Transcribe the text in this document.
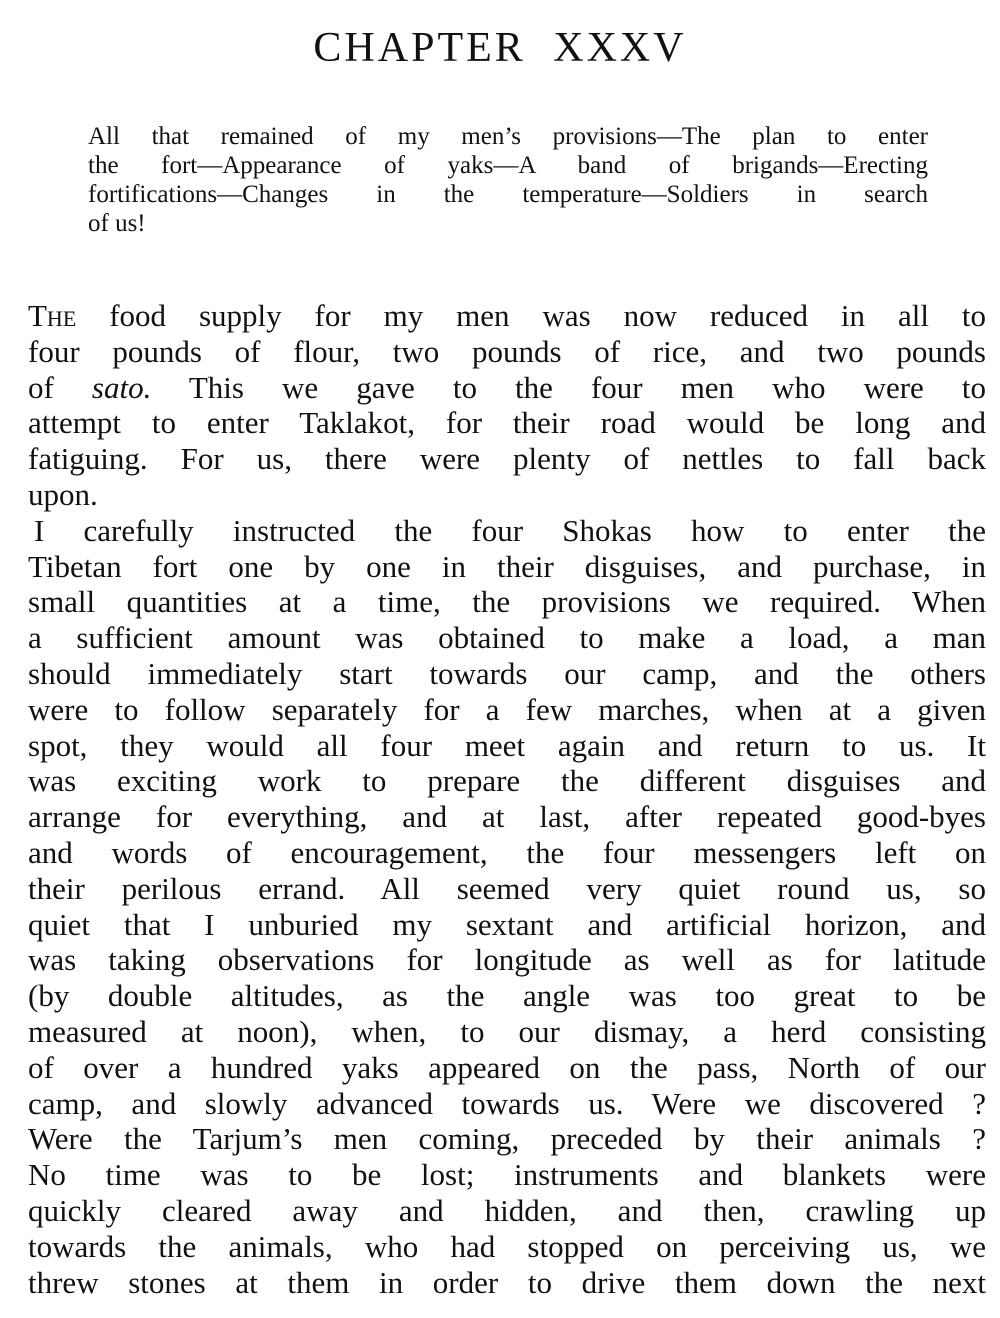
CHAPTER XXXV
All that remained of my men’s provisions—The plan to enter
the fort—Appearance of yaks—A band of brigands—Erecting
fortifications—Changes in the temperature—Soldiers in search
of us!
The food supply for my men was now reduced in all to
four pounds of flour, two pounds of rice, and two pounds
of sato. This we gave to the four men who were to
attempt to enter Taklakot, for their road would be long and
fatiguing. For us, there were plenty of nettles to fall back
upon.
I carefully instructed the four Shokas how to enter the
Tibetan fort one by one in their disguises, and purchase, in
small quantities at a time, the provisions we required. When
a sufficient amount was obtained to make a load, a man
should immediately start towards our camp, and the others
were to follow separately for a few marches, when at a given
spot, they would all four meet again and return to us. It
was exciting work to prepare the different disguises and
arrange for everything, and at last, after repeated good-byes
and words of encouragement, the four messengers left on
their perilous errand. All seemed very quiet round us, so
quiet that I unburied my sextant and artificial horizon, and
was taking observations for longitude as well as for latitude
(by double altitudes, as the angle was too great to be
measured at noon), when, to our dismay, a herd consisting
of over a hundred yaks appeared on the pass, North of our
camp, and slowly advanced towards us. Were we discovered ?
Were the Tarjum’s men coming, preceded by their animals ?
No time was to be lost; instruments and blankets were
quickly cleared away and hidden, and then, crawling up
towards the animals, who had stopped on perceiving us, we
threw stones at them in order to drive them down the next
